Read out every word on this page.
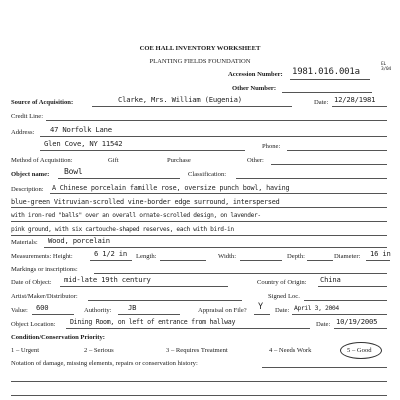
COE HALL INVENTORY WORKSHEET
PLANTING FIELDS FOUNDATION
Accession Number: 1981.016.001a
EL 3/04
Other Number:
Source of Acquisition:	Clarke, Mrs. William (Eugenia)	Date: 12/28/1981
Credit Line:
Address: 47 Norfolk Lane
Glen Cove, NY 11542	Phone:
Method of Acquisition:	Gift	Purchase	Other:
Object name: Bowl	Classification:
Description: A Chinese porcelain famille rose, oversize punch bowl, having
blue-green Vitruvian-scrolled vine-border edge surround, interspersed
with iron-red "balls" over an overall ornate-scrolled design, on lavender-
pink ground, with six cartouche-shaped reserves, each with bird-in
Materials: Wood, porcelain
Measurements: Height:	6 1/2 in Length:	Width:	Depth:	Diameter: 16 in
Markings or inscriptions:
Date of Object: mid-late 19th century	Country of Origin: China
Artist/Maker/Distributor:	Signed Loc.
Value: 600	Authority: JB	Appraisal on File? Y Date: April 3, 2004
Object Location: Dining Room, on left of entrance from hallway	Date: 10/19/2005
Condition/Conservation Priority:
1 – Urgent	2 – Serious	3 – Requires Treatment	4 – Needs Work	5 – Good
Notation of damage, missing elements, repairs or conservation history:
